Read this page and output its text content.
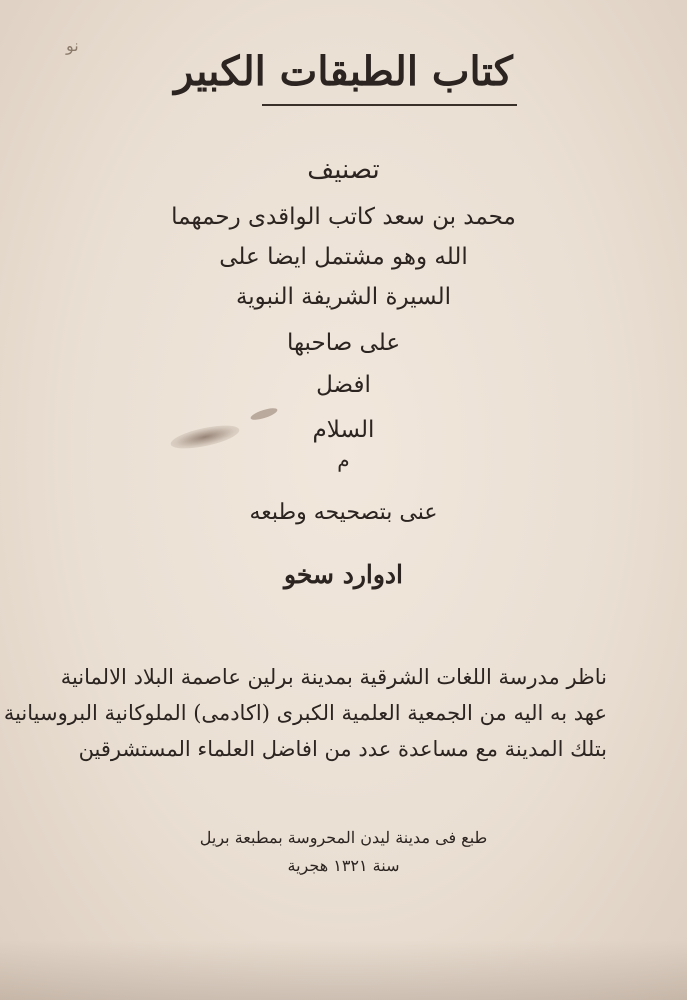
ﻧﻮ
كتاب الطبقات الكبير
تصنيف
محمد بن سعد كاتب الواقدى رحمهما
الله وهو مشتمل ايضا على
السيرة الشريفة النبوية
على صاحبها
افضل
السلام
م
عنى بتصحيحه وطبعه
ادوارد سخو
ناظر مدرسة اللغات الشرقية بمدينة برلين عاصمة البلاد الالمانية
عهد به اليه من الجمعية العلمية الكبرى (اكادمى) الملوكانية البروسيانية
بتلك المدينة مع مساعدة عدد من افاضل العلماء المستشرقين
طبع فى مدينة ليدن المحروسة بمطبعة بريل
سنة ١٣٢١ هجرية
